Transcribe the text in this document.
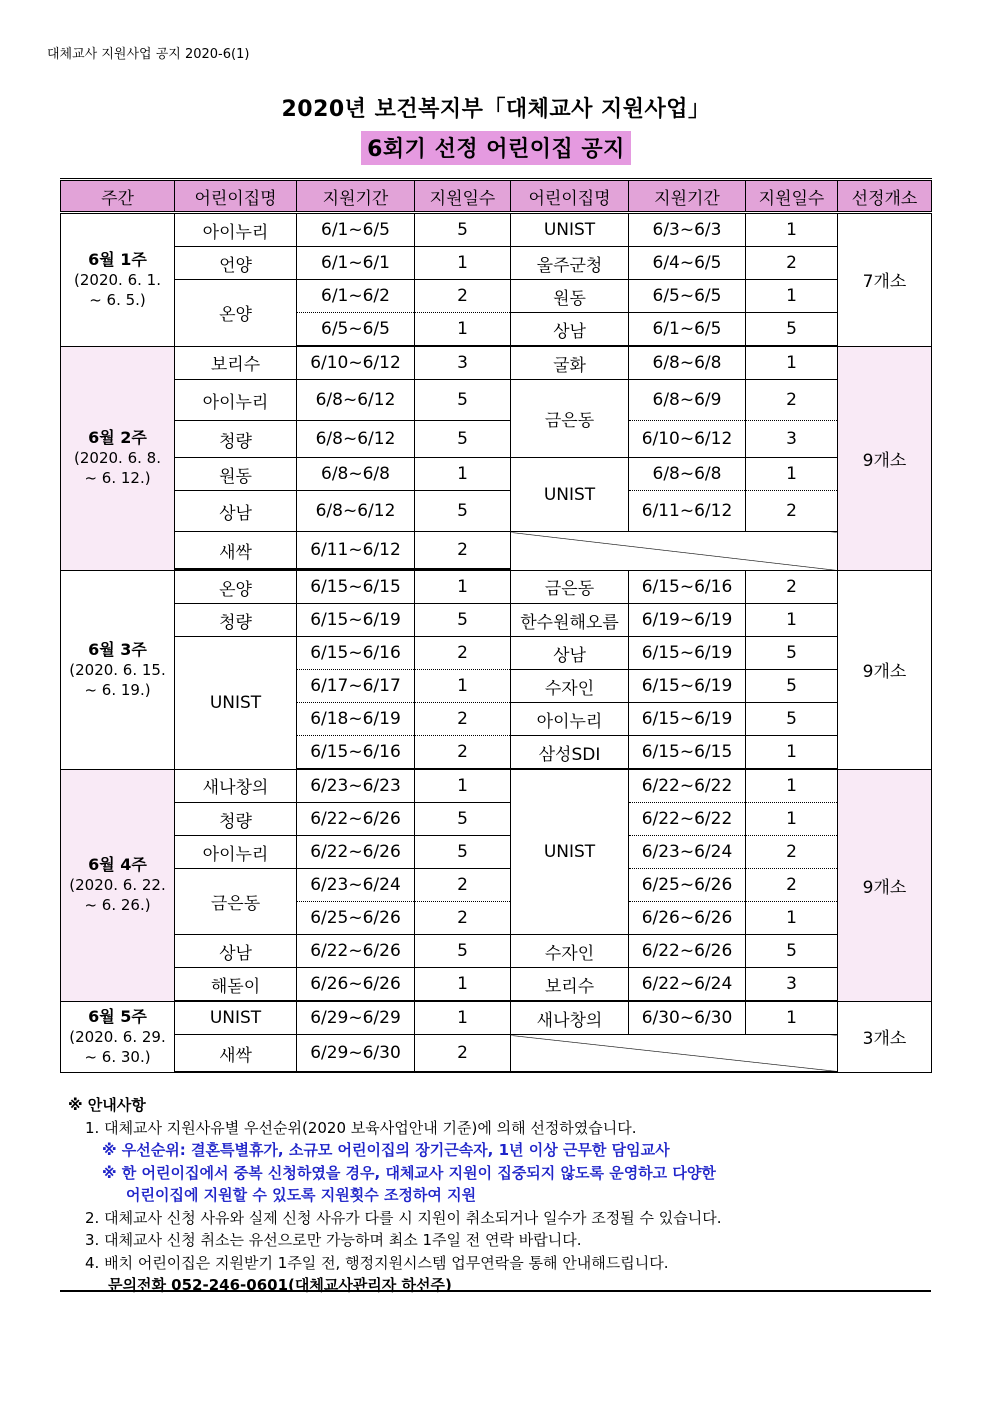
대체교사 지원사업 공지 2020-6(1)
2020년 보건복지부「대체교사 지원사업」
6회기 선정 어린이집 공지
주간	어린이집명	지원기간	지원일수	어린이집명	지원기간	지원일수	선정개소
6월 1주
(2020. 6. 1.
~ 6. 5.)	아이누리	6/1~6/5	5	UNIST	6/3~6/3	1	7개소
	언양	6/1~6/1	1	울주군청	6/4~6/5	2	
	온양	6/1~6/2	2	원동	6/5~6/5	1	
		6/5~6/5	1	상남	6/1~6/5	5	
6월 2주
(2020. 6. 8.
~ 6. 12.)	보리수	6/10~6/12	3	굴화	6/8~6/8	1	9개소
	아이누리	6/8~6/12	5	금은동	6/8~6/9	2	
	청량	6/8~6/12	5		6/10~6/12	3	
	원동	6/8~6/8	1	UNIST	6/8~6/8	1	
	상남	6/8~6/12	5		6/11~6/12	2	
	새싹	6/11~6/12	2				

6월 3주
(2020. 6. 15.
~ 6. 19.)	온양	6/15~6/15	1	금은동	6/15~6/16	2	9개소
	청량	6/15~6/19	5	한수원해오름	6/19~6/19	1	
	UNIST	6/15~6/16	2	상남	6/15~6/19	5	
		6/17~6/17	1	수자인	6/15~6/19	5	
		6/18~6/19	2	아이누리	6/15~6/19	5	
		6/15~6/16	2	삼성SDI	6/15~6/15	1	
6월 4주
(2020. 6. 22.
~ 6. 26.)	새나창의	6/23~6/23	1	UNIST	6/22~6/22	1	9개소
	청량	6/22~6/26	5		6/22~6/22	1	
	아이누리	6/22~6/26	5		6/23~6/24	2	
	금은동	6/23~6/24	2		6/25~6/26	2	
		6/25~6/26	2		6/26~6/26	1	
	상남	6/22~6/26	5	수자인	6/22~6/26	5	
	해돋이	6/26~6/26	1	보리수	6/22~6/24	3	
6월 5주
(2020. 6. 29.
~ 6. 30.)	UNIST	6/29~6/29	1	새나창의	6/30~6/30	1	3개소
	새싹	6/29~6/30	2				
※ 안내사항
1. 대체교사 지원사유별 우선순위(2020 보육사업안내 기준)에 의해 선정하였습니다.
※ 우선순위: 결혼특별휴가, 소규모 어린이집의 장기근속자, 1년 이상 근무한 담임교사
※ 한 어린이집에서 중복 신청하였을 경우, 대체교사 지원이 집중되지 않도록 운영하고 다양한
어린이집에 지원할 수 있도록 지원횟수 조정하여 지원
2. 대체교사 신청 사유와 실제 신청 사유가 다를 시 지원이 취소되거나 일수가 조정될 수 있습니다.
3. 대체교사 신청 취소는 유선으로만 가능하며 최소 1주일 전 연락 바랍니다.
4. 배치 어린이집은 지원받기 1주일 전, 행정지원시스템 업무연락을 통해 안내해드립니다.
문의전화 052-246-0601(대체교사관리자 하선주)
